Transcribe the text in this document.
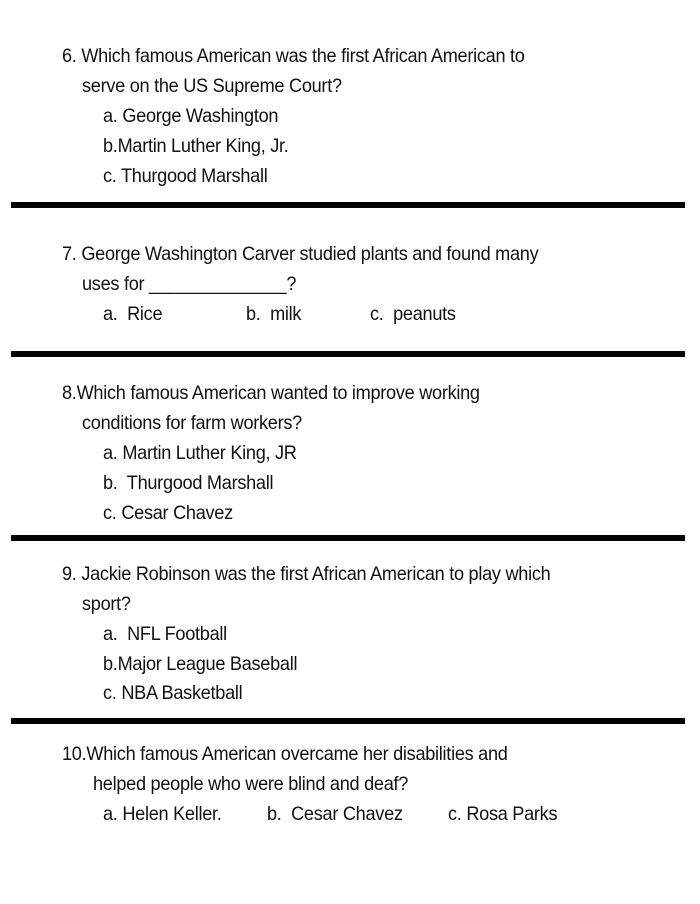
6. Which famous American was the first African American to
serve on the US Supreme Court?
a. George Washington
b.Martin Luther King, Jr.
c. Thurgood Marshall
7. George Washington Carver studied plants and found many
uses for ______________?
a. Rice	b. milk	c. peanuts
8.Which famous American wanted to improve working
conditions for farm workers?
a. Martin Luther King, JR
b. Thurgood Marshall
c. Cesar Chavez
9. Jackie Robinson was the first African American to play which
sport?
a. NFL Football
b.Major League Baseball
c. NBA Basketball
10.Which famous American overcame her disabilities and
helped people who were blind and deaf?
a. Helen Keller. b. Cesar Chavez c. Rosa Parks
